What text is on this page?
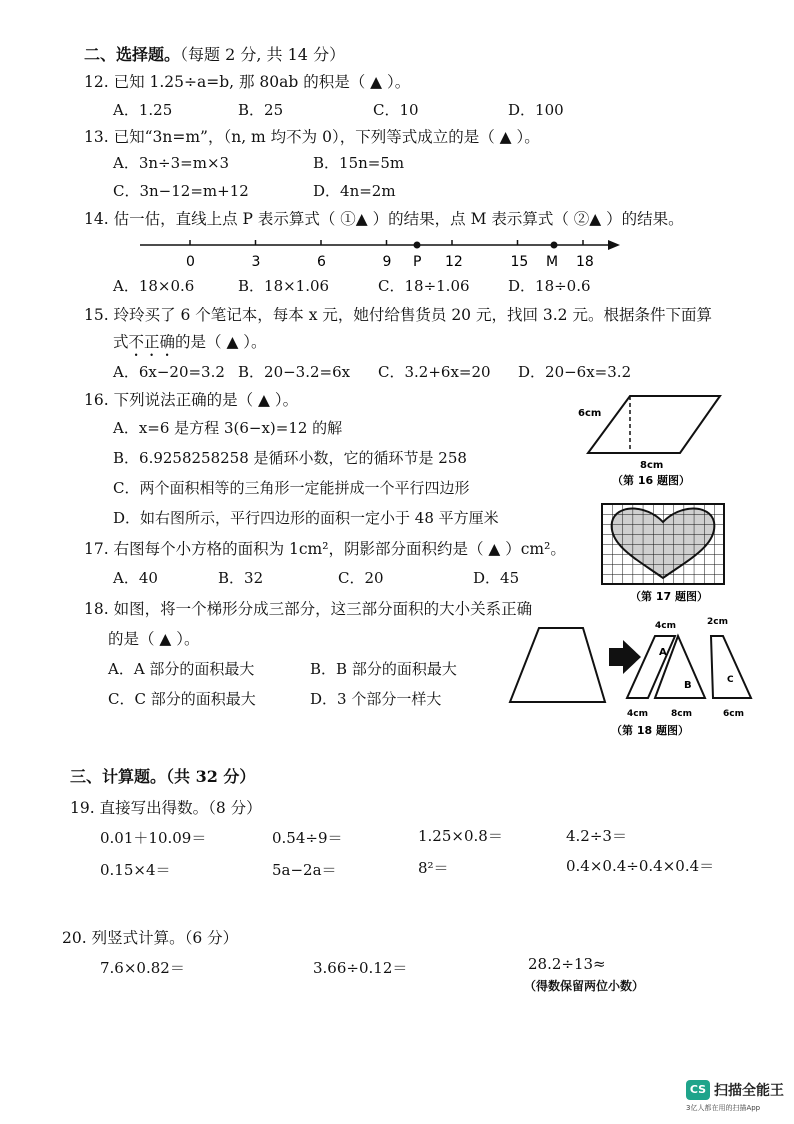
二、选择题。（每题 2 分, 共 14 分）
12. 已知 1.25÷a=b, 那 80ab 的积是（ ▲ ）。
A．1.25	B．25	C．10	D．100
13. 已知“3n=m”，（n, m 均不为 0），下列等式成立的是（ ▲ ）。
A．3n÷3=m×3	B．15n=5m
C．3n−12=m+12	D．4n=2m
14. 估一估，直线上点 P 表示算式（ ①▲ ）的结果，点 M 表示算式（ ②▲ ）的结果。
0	3	6	9	12	15	18
P	M
A．18×0.6	B．18×1.06	C．18÷1.06	D．18÷0.6
15. 玲玲买了 6 个笔记本，每本 x 元，她付给售货员 20 元，找回 3.2 元。根据条件下面算
式不正确的是（ ▲ ）。
A．6x−20=3.2 B．20−3.2=6x C．3.2+6x=20 D．20−6x=3.2
16. 下列说法正确的是（ ▲ ）。
A．x=6 是方程 3(6−x)=12 的解
B．6.9258258258 是循环小数，它的循环节是 258
C．两个面积相等的三角形一定能拼成一个平行四边形
D．如右图所示，平行四边形的面积一定小于 48 平方厘米
6cm
8cm
（第 16 题图）
17. 右图每个小方格的面积为 1cm²，阴影部分面积约是（ ▲ ）cm²。
A．40	B．32	C．20	D．45
（第 17 题图）
18. 如图，将一个梯形分成三部分，这三部分面积的大小关系正确
的是（ ▲ ）。
A．A 部分的面积最大	B．B 部分的面积最大
C．C 部分的面积最大	D．3 个部分一样大
4cm	2cm
A
B	C
4cm	8cm	6cm
（第 18 题图）
三、计算题。（共 32 分）
19. 直接写出得数。（8 分）
0.01＋10.09＝	0.54÷9＝	1.25×0.8＝	4.2÷3＝
0.15×4＝	5a−2a＝	8²＝	0.4×0.4÷0.4×0.4＝
20. 列竖式计算。（6 分）
7.6×0.82＝	3.66÷0.12＝	28.2÷13≈
（得数保留两位小数）
CS 扫描全能王
3亿人都在用的扫描App
